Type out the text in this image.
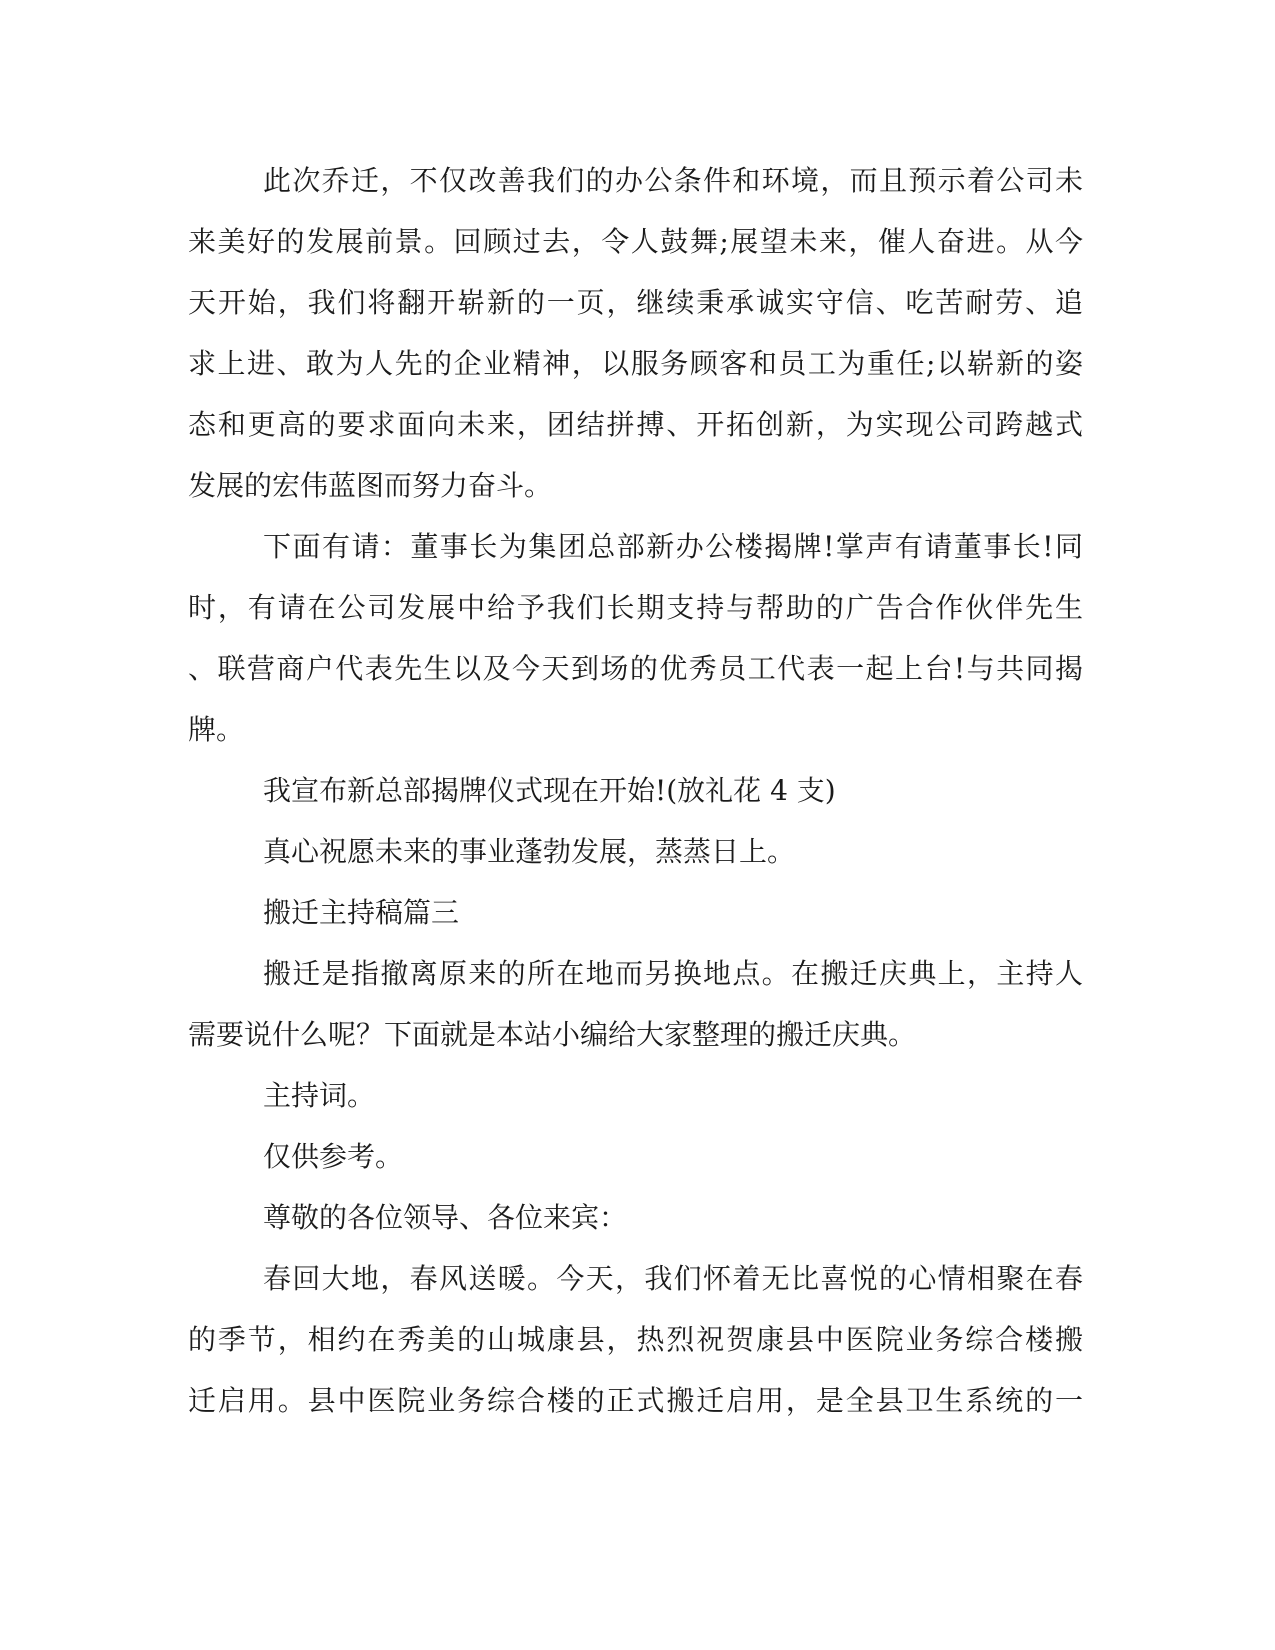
此次乔迁，不仅改善我们的办公条件和环境，而且预示着公司未
来美好的发展前景。回顾过去，令人鼓舞;展望未来，催人奋进。从今
天开始，我们将翻开崭新的一页，继续秉承诚实守信、吃苦耐劳、追
求上进、敢为人先的企业精神，以服务顾客和员工为重任;以崭新的姿
态和更高的要求面向未来，团结拼搏、开拓创新，为实现公司跨越式
发展的宏伟蓝图而努力奋斗。
下面有请：董事长为集团总部新办公楼揭牌!掌声有请董事长!同
时，有请在公司发展中给予我们长期支持与帮助的广告合作伙伴先生
、联营商户代表先生以及今天到场的优秀员工代表一起上台!与共同揭
牌。
我宣布新总部揭牌仪式现在开始!(放礼花 4 支)
真心祝愿未来的事业蓬勃发展，蒸蒸日上。
搬迁主持稿篇三
搬迁是指撤离原来的所在地而另换地点。在搬迁庆典上，主持人
需要说什么呢？下面就是本站小编给大家整理的搬迁庆典。
主持词。
仅供参考。
尊敬的各位领导、各位来宾：
春回大地，春风送暖。今天，我们怀着无比喜悦的心情相聚在春
的季节，相约在秀美的山城康县，热烈祝贺康县中医院业务综合楼搬
迁启用。县中医院业务综合楼的正式搬迁启用，是全县卫生系统的一
